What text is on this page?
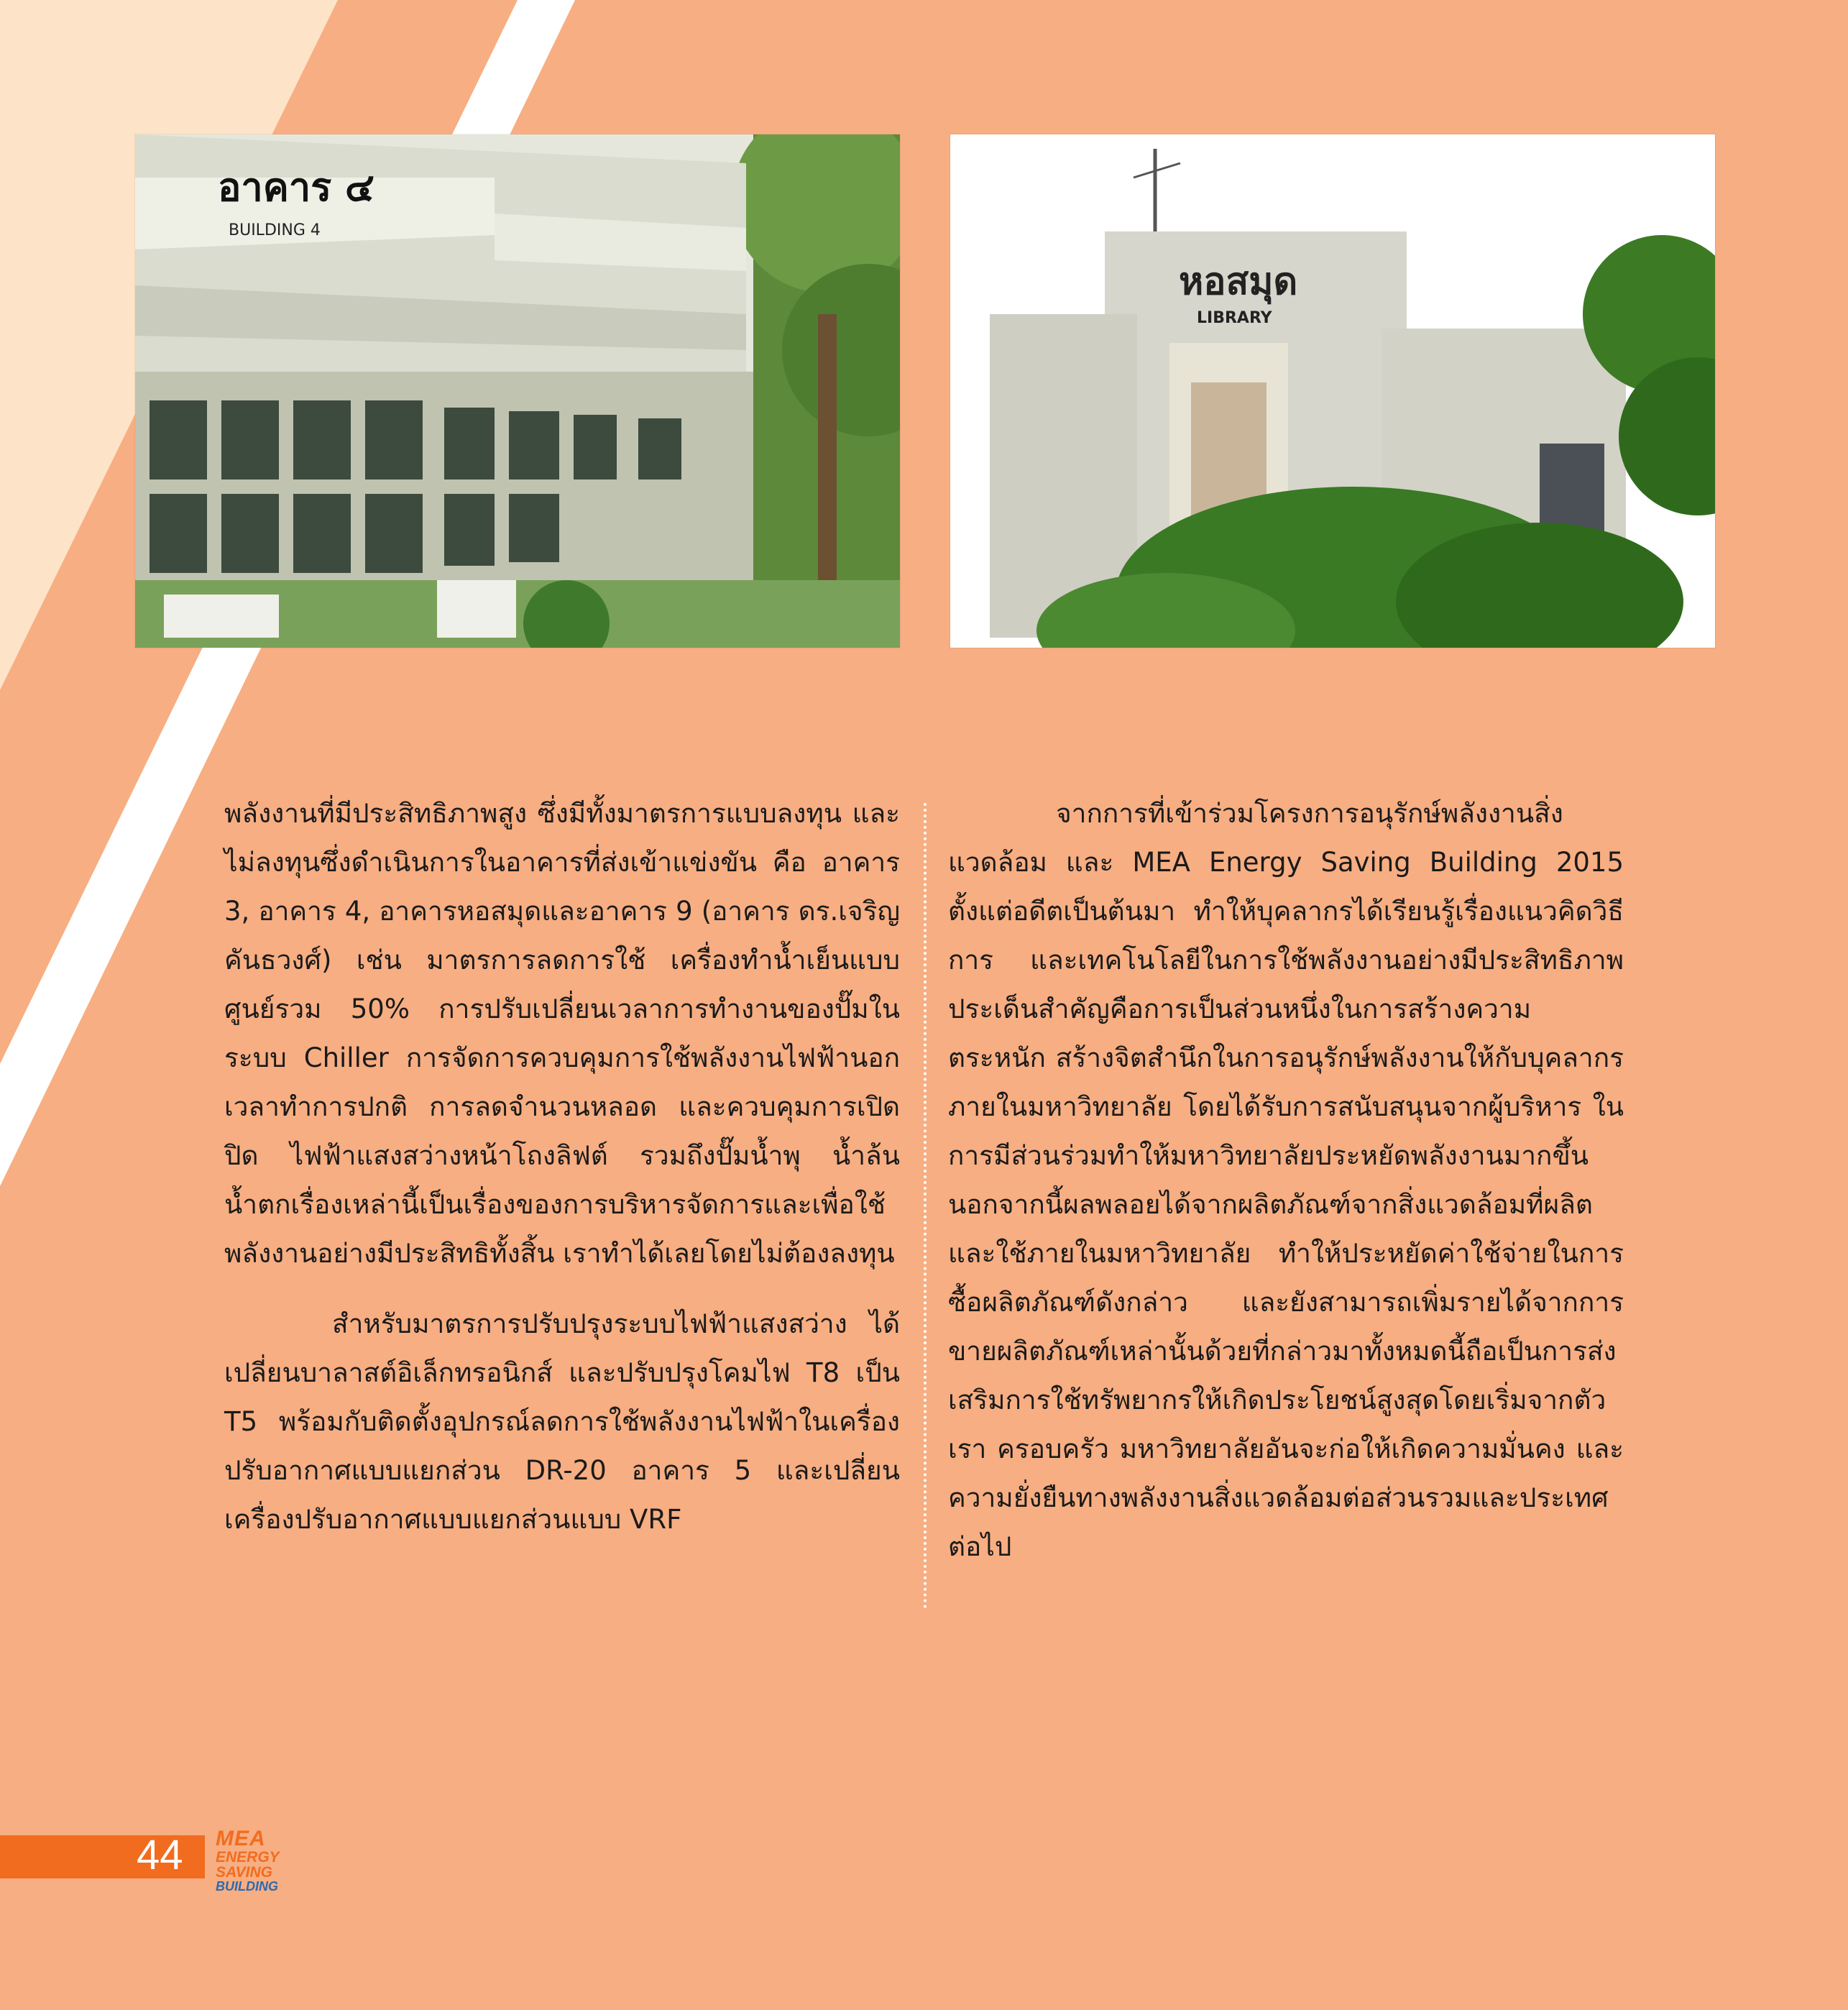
อาคาร ๔
BUILDING 4
หอสมุด
LIBRARY

พลังงานที่มีประสิทธิภาพสูง ซึ่งมีทั้งมาตรการแบบลงทุน และไม่ลงทุนซึ่งดำเนินการในอาคารที่ส่งเข้าแข่งขัน คือ อาคาร 3, อาคาร 4, อาคารหอสมุดและอาคาร 9 (อาคาร ดร.เจริญ คันธวงศ์) เช่น มาตรการลดการใช้ เครื่องทำน้ำเย็นแบบศูนย์รวม 50% การปรับเปลี่ยนเวลาการทำงานของปั๊มในระบบ Chiller การจัดการควบคุมการใช้พลังงานไฟฟ้านอกเวลาทำการปกติ การลดจำนวนหลอด และควบคุมการเปิด ปิด ไฟฟ้าแสงสว่างหน้าโถงลิฟต์ รวมถึงปั๊มน้ำพุ น้ำล้น น้ำตกเรื่องเหล่านี้เป็นเรื่องของการบริหารจัดการและเพื่อใช้พลังงานอย่างมีประสิทธิทั้งสิ้น เราทำได้เลยโดยไม่ต้องลงทุน

สำหรับมาตรการปรับปรุงระบบไฟฟ้าแสงสว่าง ได้เปลี่ยนบาลาสต์อิเล็กทรอนิกส์ และปรับปรุงโคมไฟ T8 เป็น T5 พร้อมกับติดตั้งอุปกรณ์ลดการใช้พลังงานไฟฟ้าในเครื่องปรับอากาศแบบแยกส่วน DR-20 อาคาร 5 และเปลี่ยนเครื่องปรับอากาศแบบแยกส่วนแบบ VRF

จากการที่เข้าร่วมโครงการอนุรักษ์พลังงานสิ่งแวดล้อม และ MEA Energy Saving Building 2015 ตั้งแต่อดีตเป็นต้นมา ทำให้บุคลากรได้เรียนรู้เรื่องแนวคิดวิธีการ และเทคโนโลยีในการใช้พลังงานอย่างมีประสิทธิภาพประเด็นสำคัญคือการเป็นส่วนหนึ่งในการสร้างความตระหนัก สร้างจิตสำนึกในการอนุรักษ์พลังงานให้กับบุคลากรภายในมหาวิทยาลัย โดยได้รับการสนับสนุนจากผู้บริหาร ในการมีส่วนร่วมทำให้มหาวิทยาลัยประหยัดพลังงานมากขึ้น นอกจากนี้ผลพลอยได้จากผลิตภัณฑ์จากสิ่งแวดล้อมที่ผลิตและใช้ภายในมหาวิทยาลัย ทำให้ประหยัดค่าใช้จ่ายในการซื้อผลิตภัณฑ์ดังกล่าว และยังสามารถเพิ่มรายได้จากการขายผลิตภัณฑ์เหล่านั้นด้วยที่กล่าวมาทั้งหมดนี้ถือเป็นการส่งเสริมการใช้ทรัพยากรให้เกิดประโยชน์สูงสุดโดยเริ่มจากตัวเรา ครอบครัว มหาวิทยาลัยอันจะก่อให้เกิดความมั่นคง และความยั่งยืนทางพลังงานสิ่งแวดล้อมต่อส่วนรวมและประเทศต่อไป

44 MEA
ENERGY
SAVING
BUILDING
